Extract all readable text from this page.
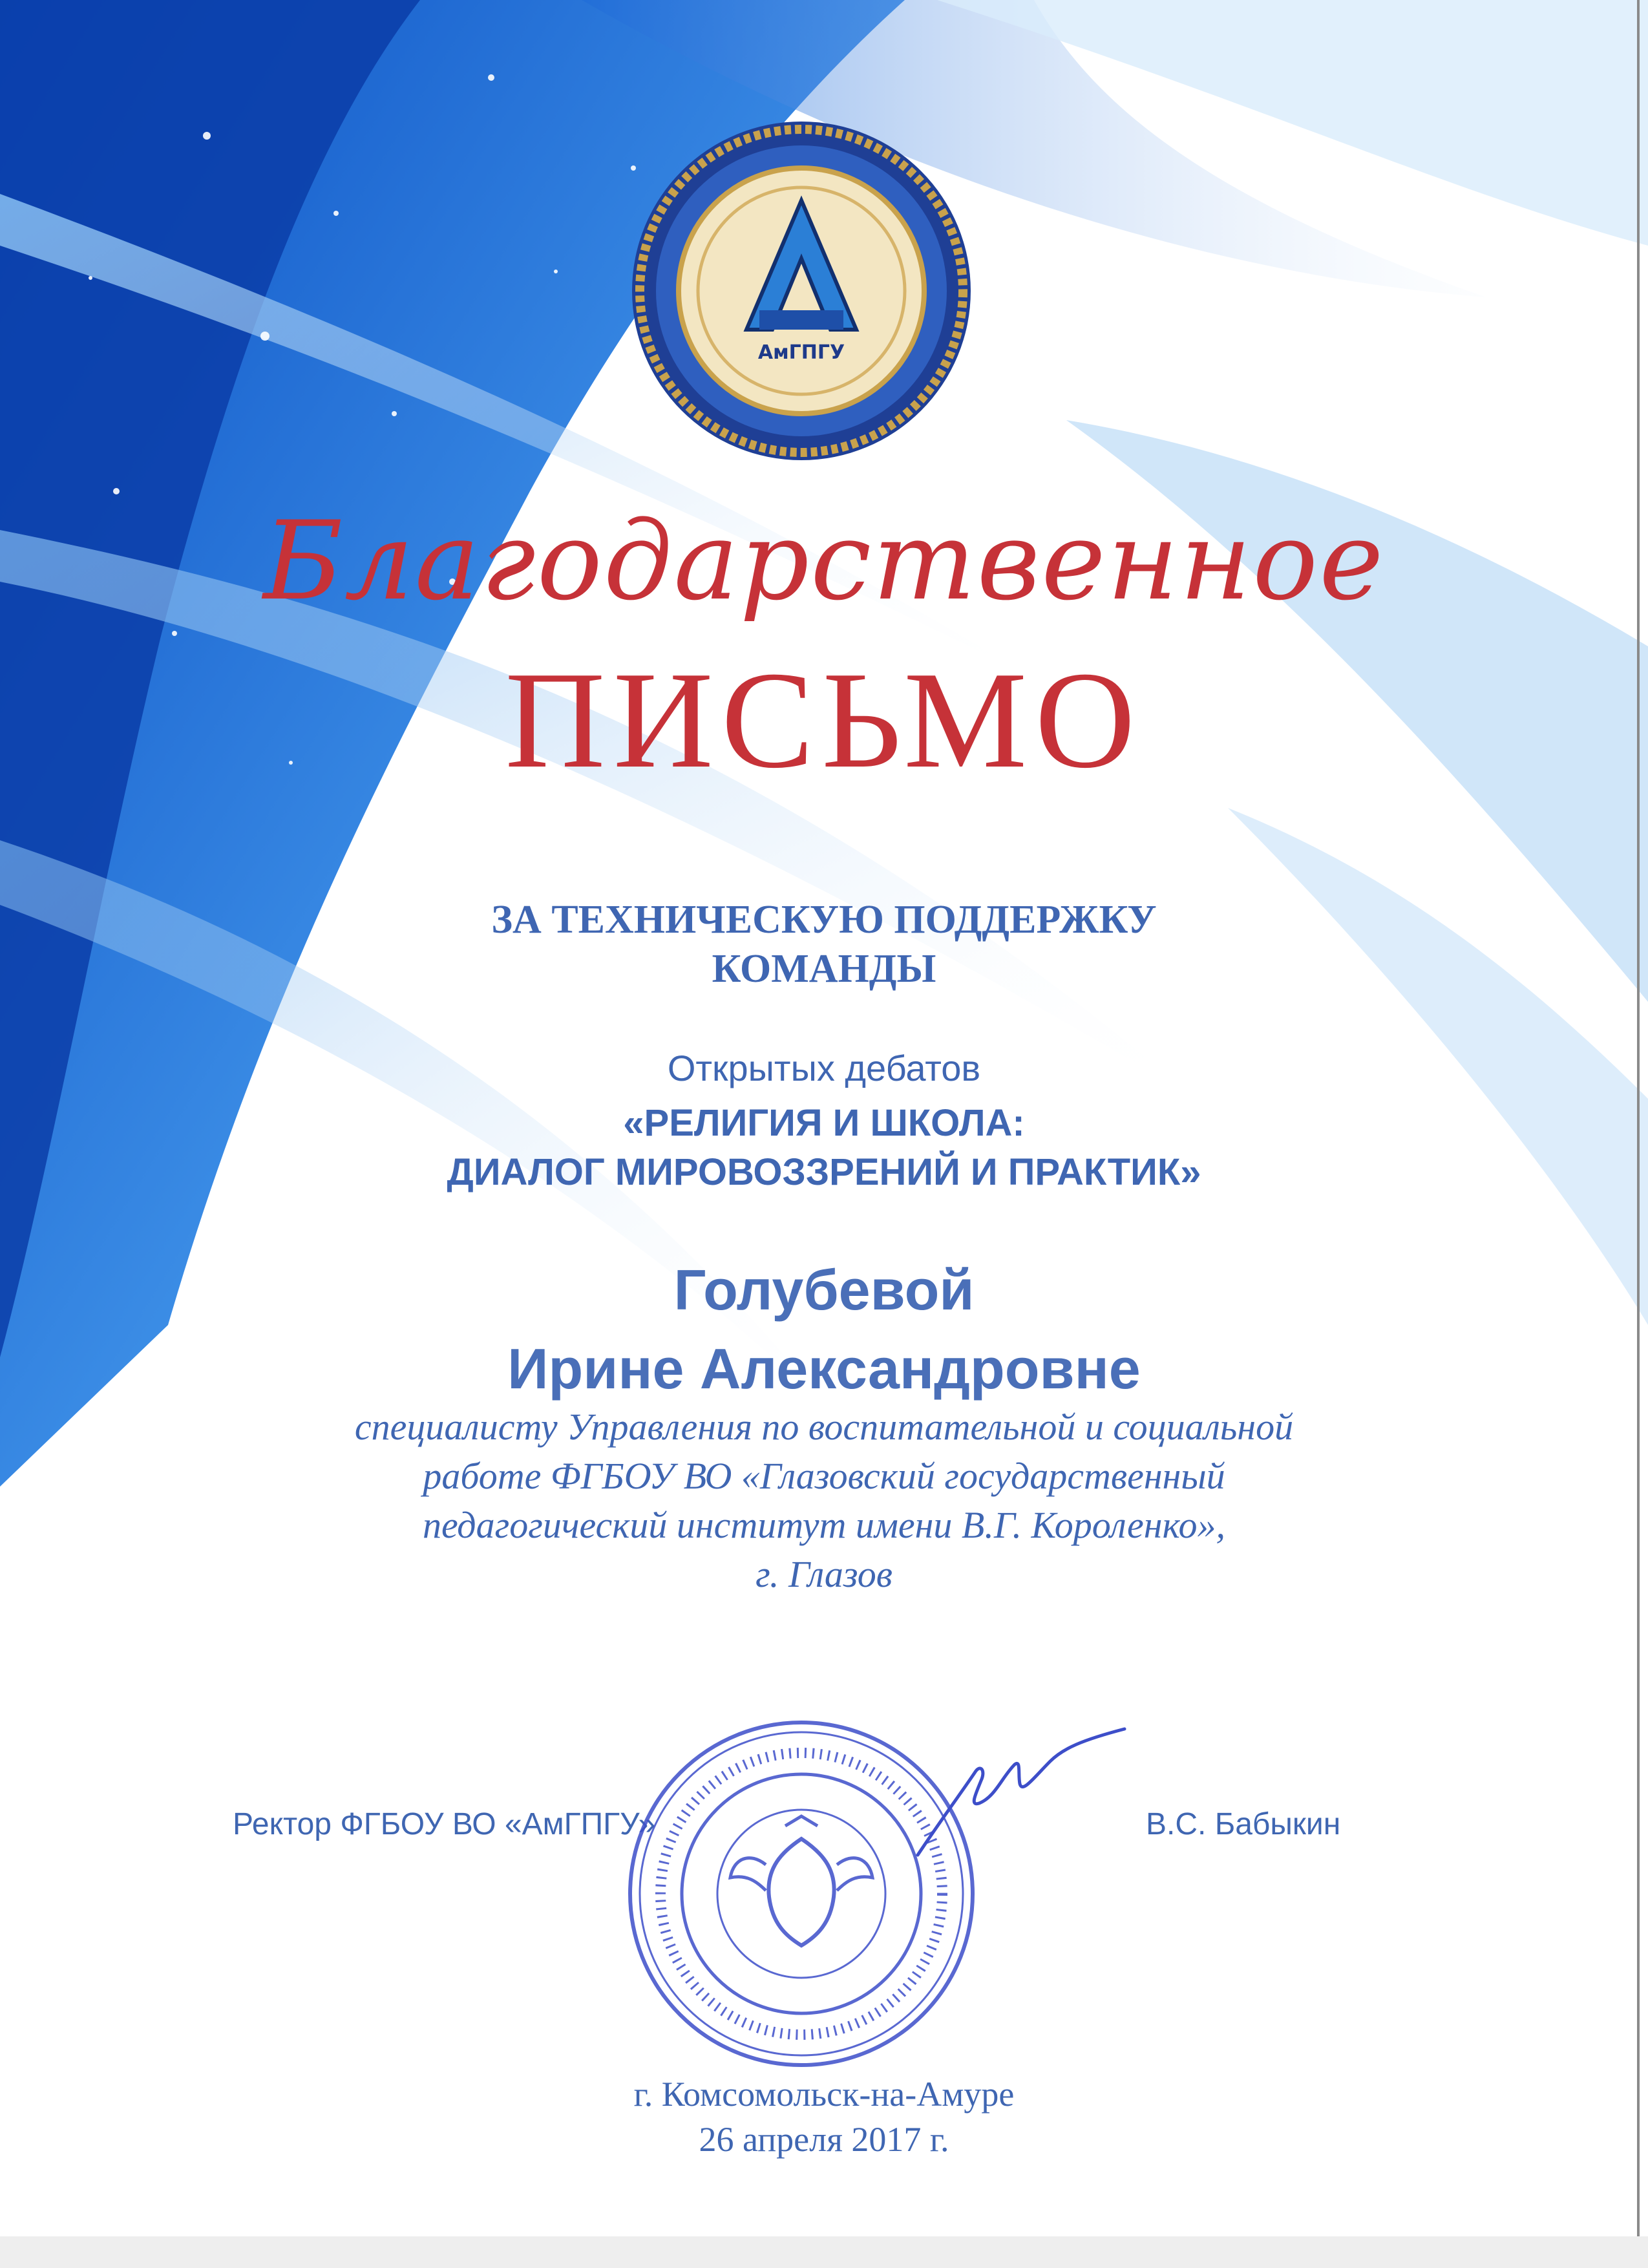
АмГПГУ
Благодарственное
ПИСЬМО
ЗА ТЕХНИЧЕСКУЮ ПОДДЕРЖКУ
КОМАНДЫ
Открытых дебатов
«РЕЛИГИЯ И ШКОЛА:
ДИАЛОГ МИРОВОЗЗРЕНИЙ И ПРАКТИК»
Голубевой
Ирине Александровне
специалисту Управления по воспитательной и социальной
работе ФГБОУ ВО «Глазовский государственный
педагогический институт имени В.Г. Короленко»,
г. Глазов
Ректор ФГБОУ ВО «АмГПГУ»	В.С. Бабыкин
г. Комсомольск-на-Амуре
26 апреля 2017 г.
